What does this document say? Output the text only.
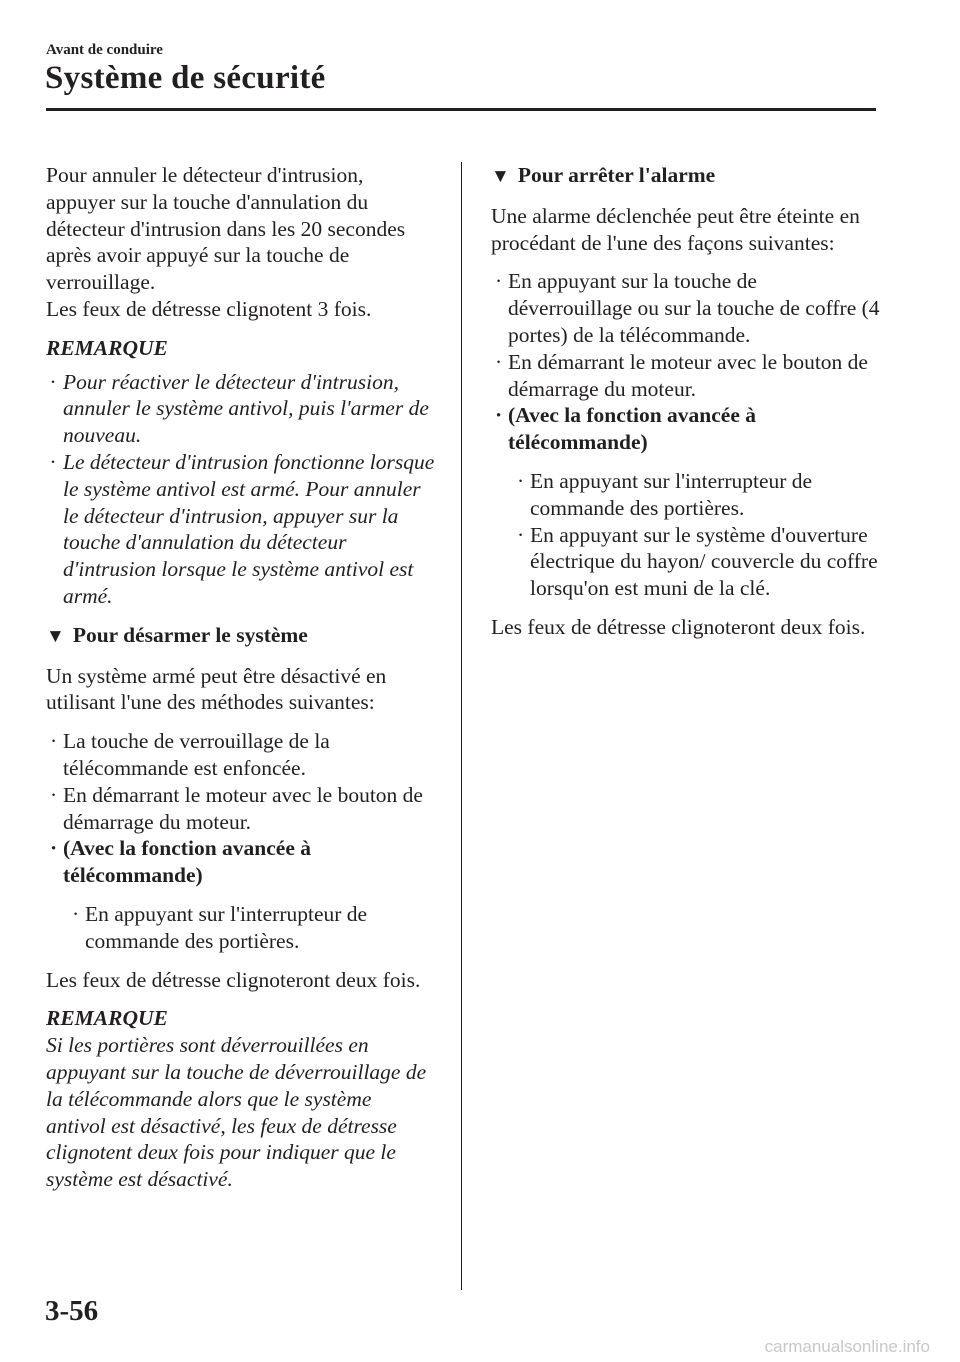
Avant de conduire
Système de sécurité

Pour annuler le détecteur d'intrusion, appuyer sur la touche d'annulation du détecteur d'intrusion dans les 20 secondes après avoir appuyé sur la touche de verrouillage.
Les feux de détresse clignotent 3 fois.

REMARQUE

· Pour réactiver le détecteur d'intrusion, annuler le système antivol, puis l'armer de nouveau.
· Le détecteur d'intrusion fonctionne lorsque le système antivol est armé. Pour annuler le détecteur d'intrusion, appuyer sur la touche d'annulation du détecteur d'intrusion lorsque le système antivol est armé.
▼ Pour désarmer le système

Un système armé peut être désactivé en utilisant l'une des méthodes suivantes:

· La touche de verrouillage de la télécommande est enfoncée.
· En démarrant le moteur avec le bouton de démarrage du moteur.
· (Avec la fonction avancée à télécommande)
· En appuyant sur l'interrupteur de commande des portières.

Les feux de détresse clignoteront deux fois.

REMARQUE

Si les portières sont déverrouillées en appuyant sur la touche de déverrouillage de la télécommande alors que le système antivol est désactivé, les feux de détresse clignotent deux fois pour indiquer que le système est désactivé.

▼ Pour arrêter l'alarme

Une alarme déclenchée peut être éteinte en procédant de l'une des façons suivantes:

· En appuyant sur la touche de déverrouillage ou sur la touche de coffre (4 portes) de la télécommande.
· En démarrant le moteur avec le bouton de démarrage du moteur.
· (Avec la fonction avancée à télécommande)
· En appuyant sur l'interrupteur de commande des portières.
· En appuyant sur le système d'ouverture électrique du hayon/ couvercle du coffre lorsqu'on est muni de la clé.

Les feux de détresse clignoteront deux fois.

3-56
carmanualsonline.info
